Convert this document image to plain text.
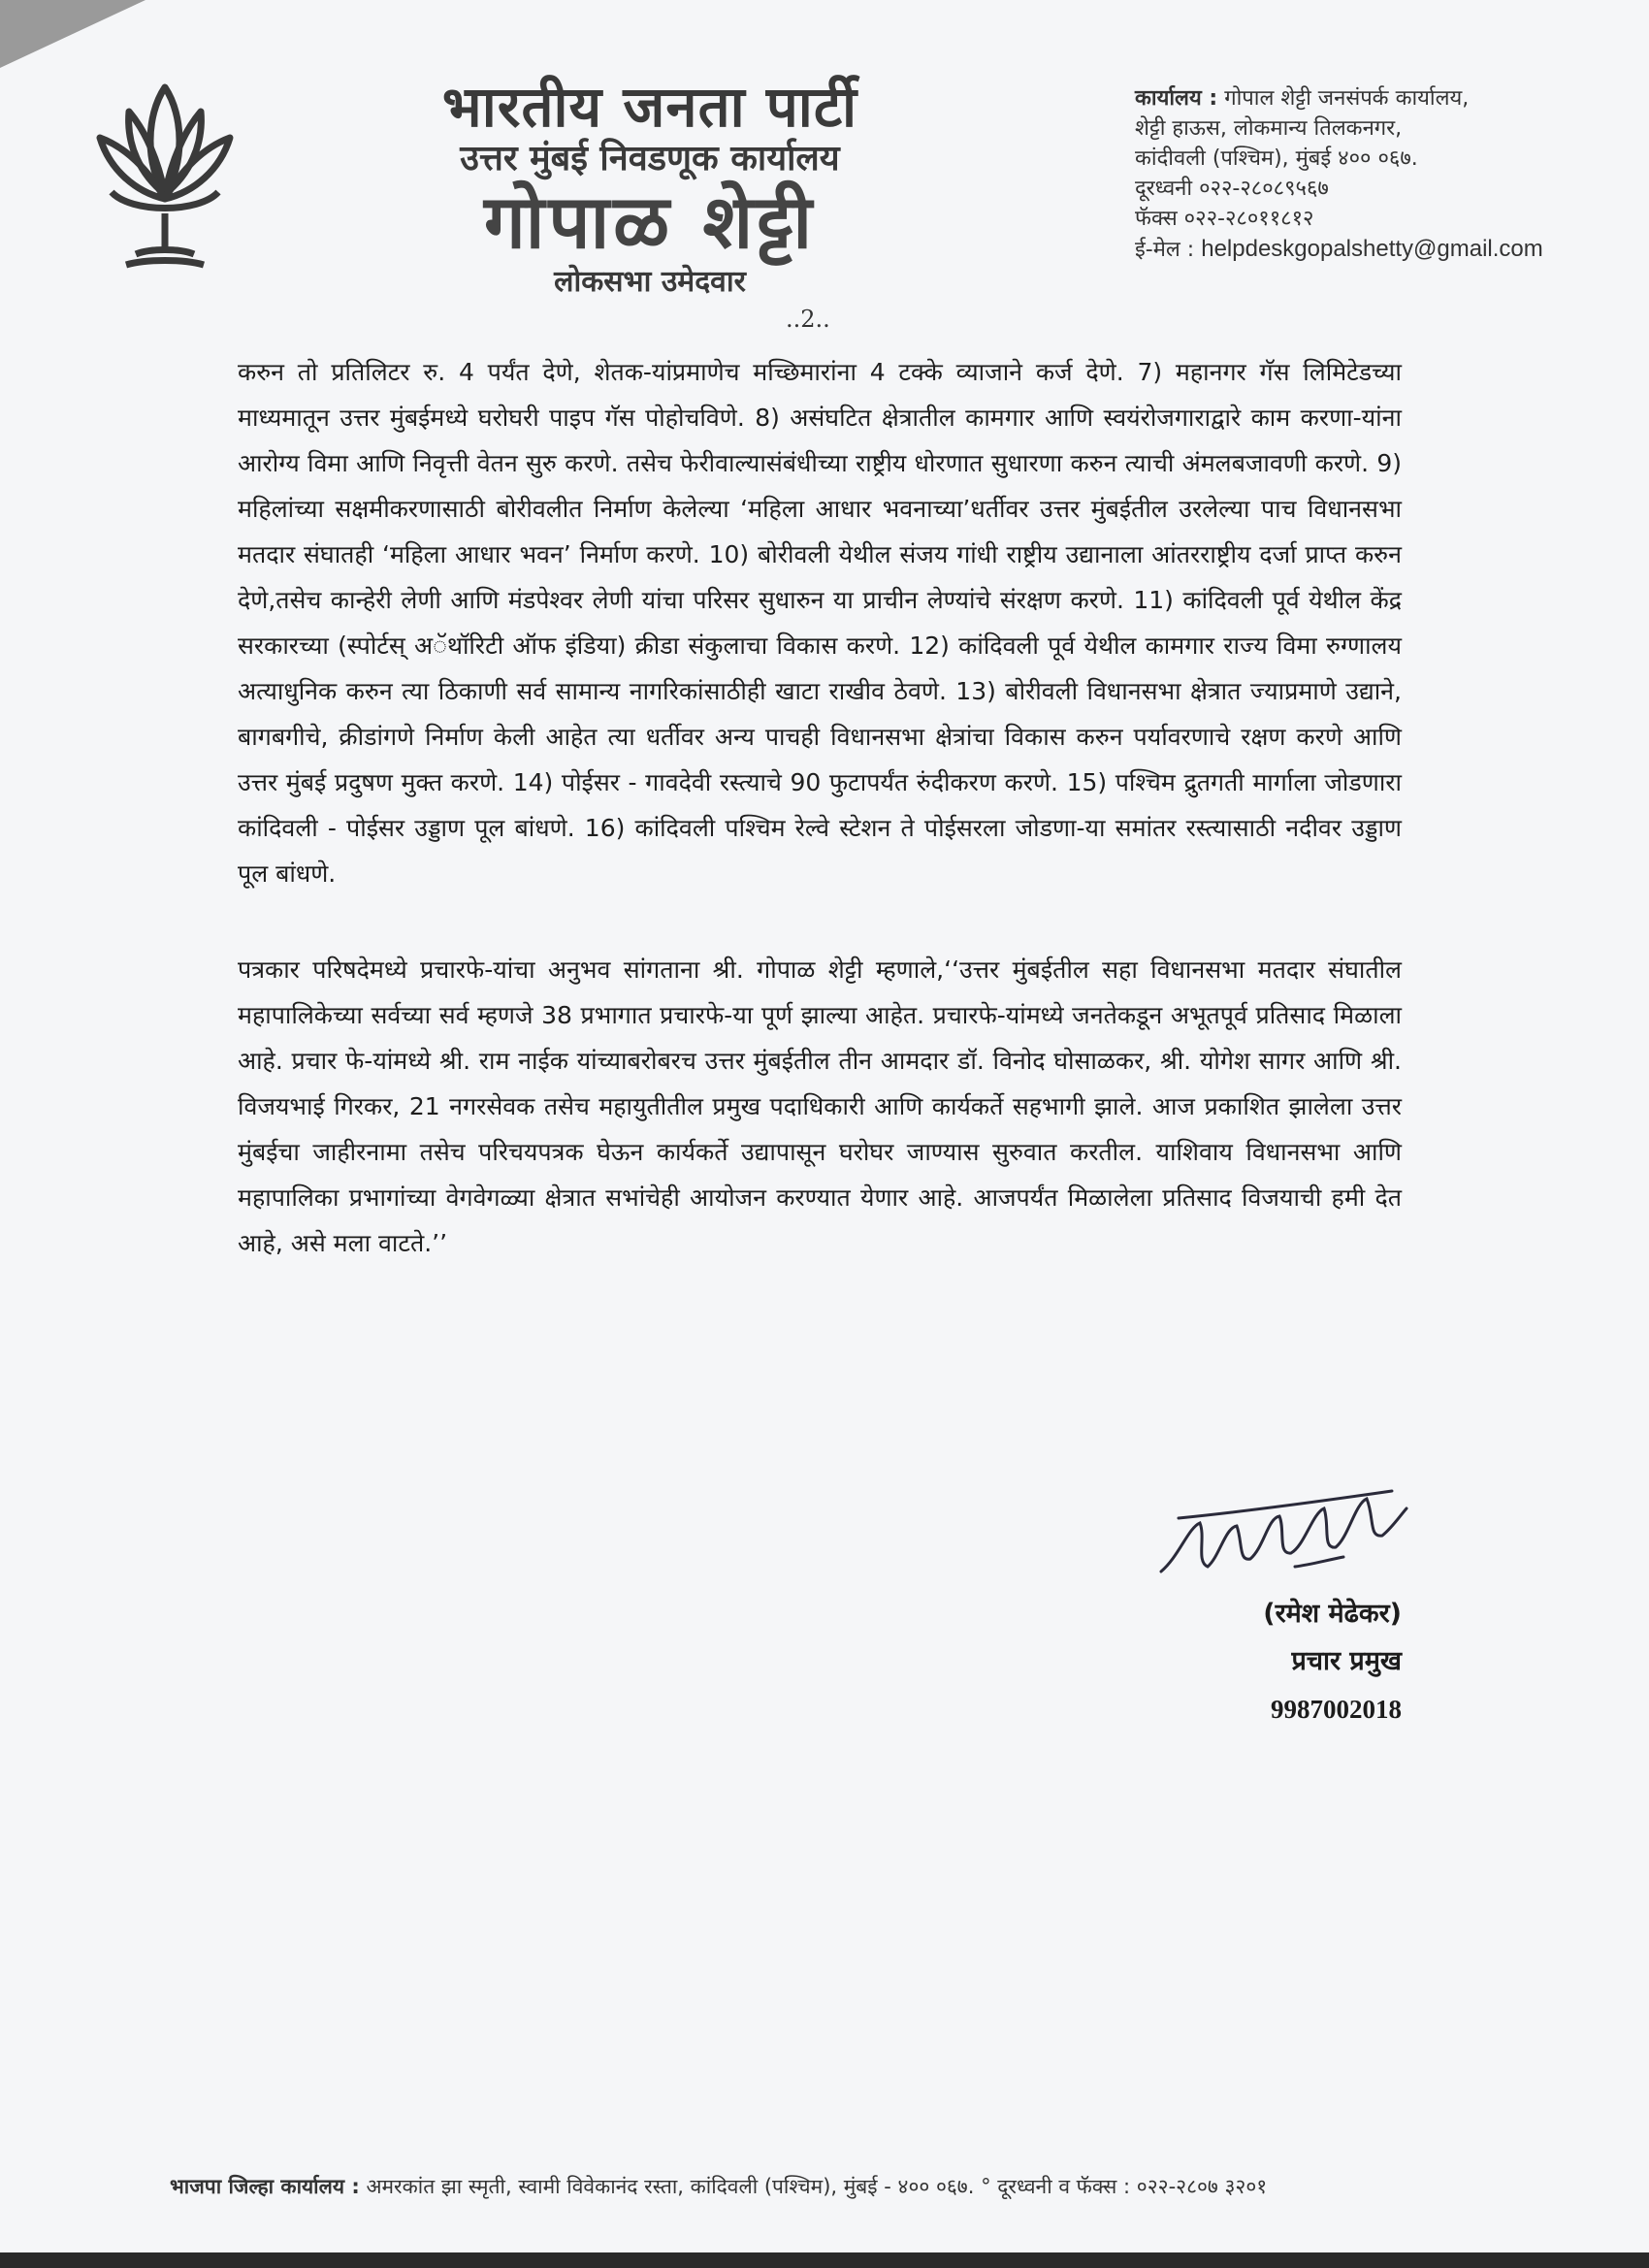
भारतीय जनता पार्टी
उत्तर मुंबई निवडणूक कार्यालय
गोपाळ शेट्टी
लोकसभा उमेदवार
कार्यालय : गोपाल शेट्टी जनसंपर्क कार्यालय,
शेट्टी हाऊस, लोकमान्य तिलकनगर,
कांदीवली (पश्चिम), मुंबई ४०० ०६७.
दूरध्वनी ०२२-२८०८९५६७
फॅक्स ०२२-२८०११८१२
ई-मेल : helpdeskgopalshetty@gmail.com
..2..

करुन तो प्रतिलिटर रु. 4 पर्यंत देणे, शेतक-यांप्रमाणेच मच्छिमारांना 4 टक्के व्याजाने कर्ज देणे. 7) महानगर गॅस लिमिटेडच्या माध्यमातून उत्तर मुंबईमध्ये घरोघरी पाइप गॅस पोहोचविणे. 8) असंघटित क्षेत्रातील कामगार आणि स्वयंरोजगाराद्वारे काम करणा-यांना आरोग्य विमा आणि निवृत्ती वेतन सुरु करणे. तसेच फेरीवाल्यासंबंधीच्या राष्ट्रीय धोरणात सुधारणा करुन त्याची अंमलबजावणी करणे. 9) महिलांच्या सक्षमीकरणासाठी बोरीवलीत निर्माण केलेल्या ‘महिला आधार भवनाच्या’धर्तीवर उत्तर मुंबईतील उरलेल्या पाच विधानसभा मतदार संघातही ‘महिला आधार भवन’ निर्माण करणे. 10) बोरीवली येथील संजय गांधी राष्ट्रीय उद्यानाला आंतरराष्ट्रीय दर्जा प्राप्त करुन देणे,तसेच कान्हेरी लेणी आणि मंडपेश्वर लेणी यांचा परिसर सुधारुन या प्राचीन लेण्यांचे संरक्षण करणे. 11) कांदिवली पूर्व येथील केंद्र सरकारच्या (स्पोर्टस् अॅथॉरिटी ऑफ इंडिया) क्रीडा संकुलाचा विकास करणे. 12) कांदिवली पूर्व येथील कामगार राज्य विमा रुग्णालय अत्याधुनिक करुन त्या ठिकाणी सर्व सामान्य नागरिकांसाठीही खाटा राखीव ठेवणे. 13) बोरीवली विधानसभा क्षेत्रात ज्याप्रमाणे उद्याने, बागबगीचे, क्रीडांगणे निर्माण केली आहेत त्या धर्तीवर अन्य पाचही विधानसभा क्षेत्रांचा विकास करुन पर्यावरणाचे रक्षण करणे आणि उत्तर मुंबई प्रदुषण मुक्त करणे. 14) पोईसर - गावदेवी रस्त्याचे 90 फुटापर्यंत रुंदीकरण करणे. 15) पश्चिम द्रुतगती मार्गाला जोडणारा कांदिवली - पोईसर उड्डाण पूल बांधणे. 16) कांदिवली पश्चिम रेल्वे स्टेशन ते पोईसरला जोडणा-या समांतर रस्त्यासाठी नदीवर उड्डाण पूल बांधणे.

पत्रकार परिषदेमध्ये प्रचारफे-यांचा अनुभव सांगताना श्री. गोपाळ शेट्टी म्हणाले,‘‘उत्तर मुंबईतील सहा विधानसभा मतदार संघातील महापालिकेच्या सर्वच्या सर्व म्हणजे 38 प्रभागात प्रचारफे-या पूर्ण झाल्या आहेत. प्रचारफे-यांमध्ये जनतेकडून अभूतपूर्व प्रतिसाद मिळाला आहे. प्रचार फे-यांमध्ये श्री. राम नाईक यांच्याबरोबरच उत्तर मुंबईतील तीन आमदार डॉ. विनोद घोसाळकर, श्री. योगेश सागर आणि श्री. विजयभाई गिरकर, 21 नगरसेवक तसेच महायुतीतील प्रमुख पदाधिकारी आणि कार्यकर्ते सहभागी झाले. आज प्रकाशित झालेला उत्तर मुंबईचा जाहीरनामा तसेच परिचयपत्रक घेऊन कार्यकर्ते उद्यापासून घरोघर जाण्यास सुरुवात करतील. याशिवाय विधानसभा आणि महापालिका प्रभागांच्या वेगवेगळ्या क्षेत्रात सभांचेही आयोजन करण्यात येणार आहे. आजपर्यंत मिळालेला प्रतिसाद विजयाची हमी देत आहे, असे मला वाटते.’’

(रमेश मेढेकर)
प्रचार प्रमुख
9987002018
भाजपा जिल्हा कार्यालय : अमरकांत झा स्मृती, स्वामी विवेकानंद रस्ता, कांदिवली (पश्चिम), मुंबई - ४०० ०६७. ° दूरध्वनी व फॅक्स : ०२२-२८०७ ३२०१
